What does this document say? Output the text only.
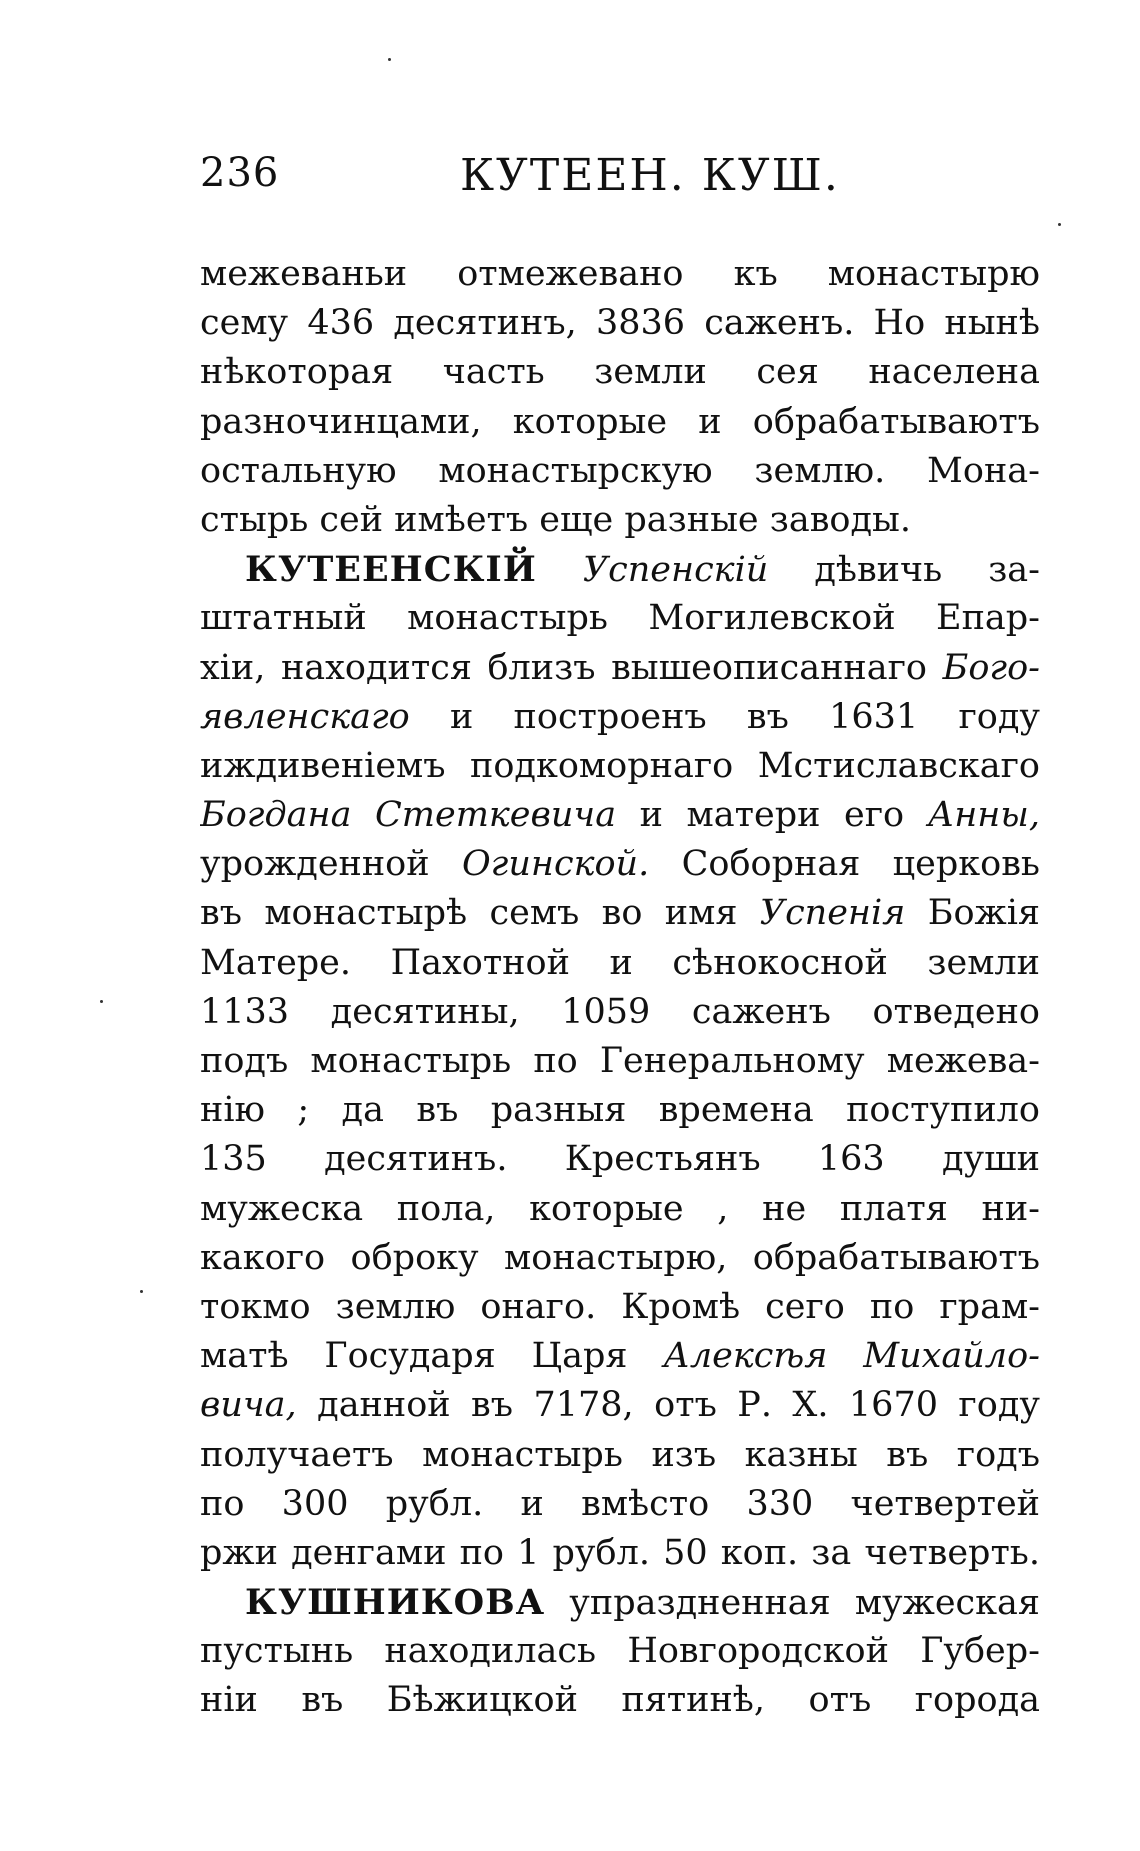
236	КУТЕЕН. КУШ.
межеваньи отмежевано къ монастырю
сему 436 десятинъ, 3836 саженъ. Но нынѣ
нѣкоторая часть земли сея населена
разночинцами, которые и обрабатываютъ
остальную монастырскую землю. Мона-
стырь сей имѣетъ еще разные заводы.
КУТЕЕНСКІЙ Успенскій дѣвичь за-
штатный монастырь Могилевской Епар-
хіи, находится близъ вышеописаннаго Бого-
явленскаго и построенъ въ 1631 году
иждивеніемъ подкоморнаго Мстиславскаго
Богдана Стеткевича и матери его Анны,
урожденной Огинской. Соборная церковь
въ монастырѣ семъ во имя Успенія Божія
Матере. Пахотной и сѣнокосной земли
1133 десятины, 1059 саженъ отведено
подъ монастырь по Генеральному межева-
нію ; да въ разныя времена поступило
135 десятинъ. Крестьянъ 163 души
мужеска пола, которые , не платя ни-
какого оброку монастырю, обрабатываютъ
токмо землю онаго. Кромѣ сего по грам-
матѣ Государя Царя Алексѣя Михайло-
вича, данной въ 7178, отъ Р. Х. 1670 году
получаетъ монастырь изъ казны въ годъ
по 300 рубл. и вмѣсто 330 четвертей
ржи денгами по 1 рубл. 50 коп. за четверть.
КУШНИКОВА упраздненная мужеская
пустынь находилась Новгородской Губер-
ніи въ Бѣжицкой пятинѣ, отъ города
